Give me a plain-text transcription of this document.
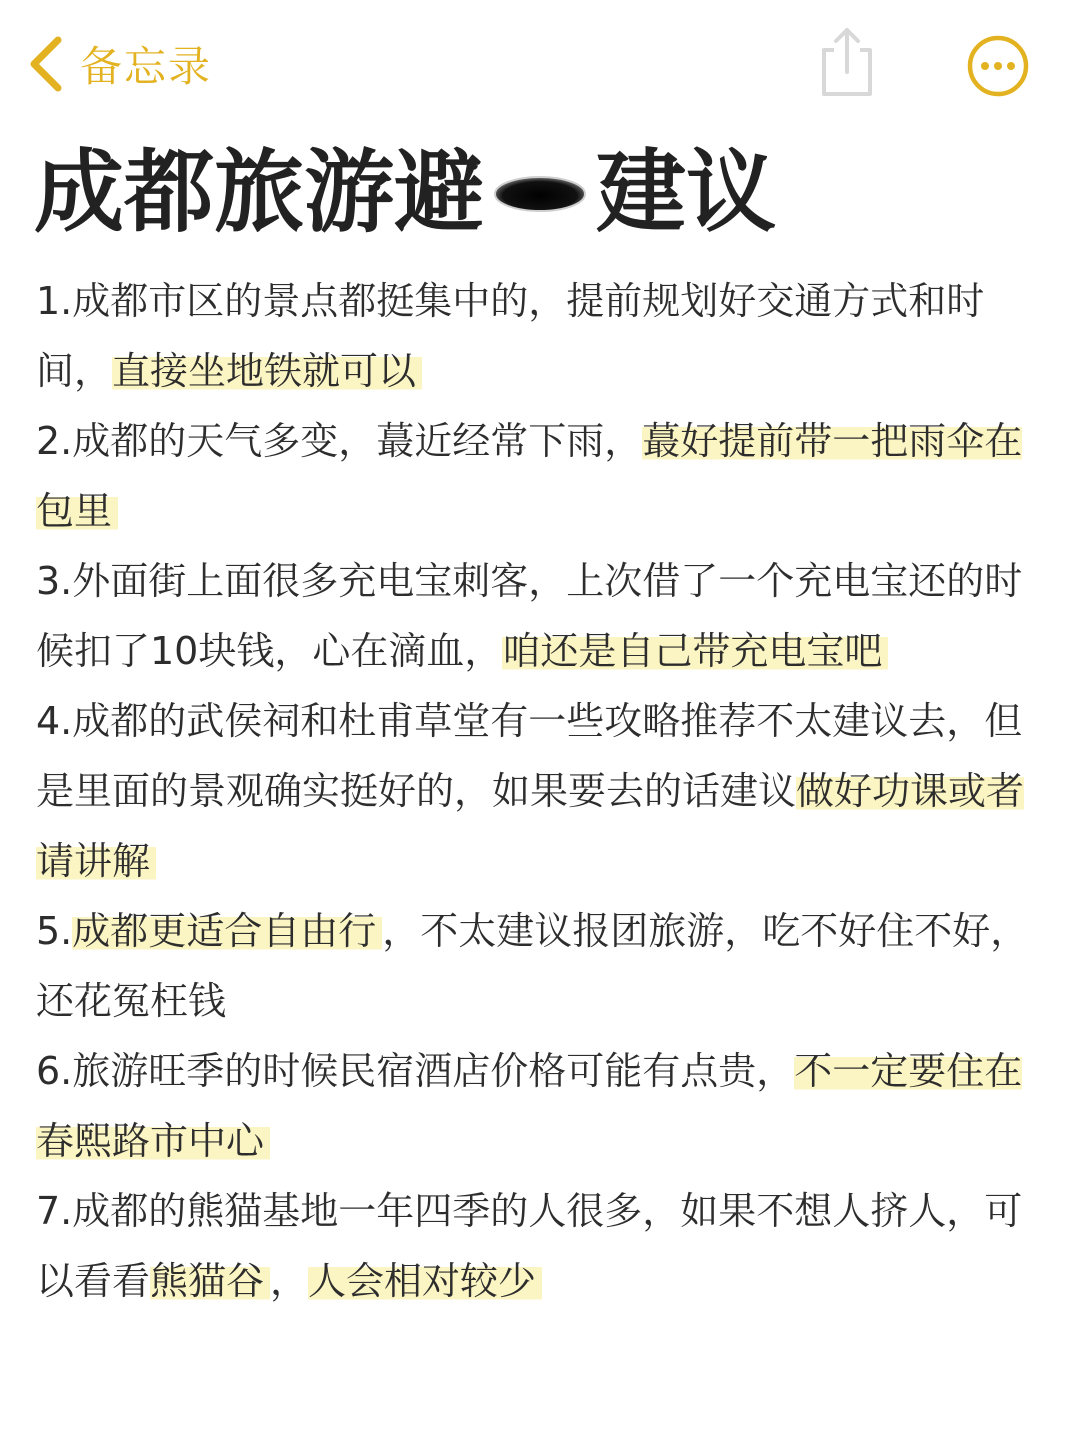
备忘录
成都旅游避 建议

1.成都市区的景点都挺集中的，提前规划好交通方式和时间，直接坐地铁就可以

2.成都的天气多变，蕞近经常下雨，蕞好提前带一把雨伞在包里

3.外面街上面很多充电宝刺客，上次借了一个充电宝还的时候扣了10块钱，心在滴血，咱还是自己带充电宝吧

4.成都的武侯祠和杜甫草堂有一些攻略推荐不太建议去，但是里面的景观确实挺好的，如果要去的话建议做好功课或者请讲解

5.成都更适合自由行 ，不太建议报团旅游，吃不好住不好，还花冤枉钱

6.旅游旺季的时候民宿酒店价格可能有点贵，不一定要住在春熙路市中心

7.成都的熊猫基地一年四季的人很多，如果不想人挤人，可以看看熊猫谷 ，人会相对较少
